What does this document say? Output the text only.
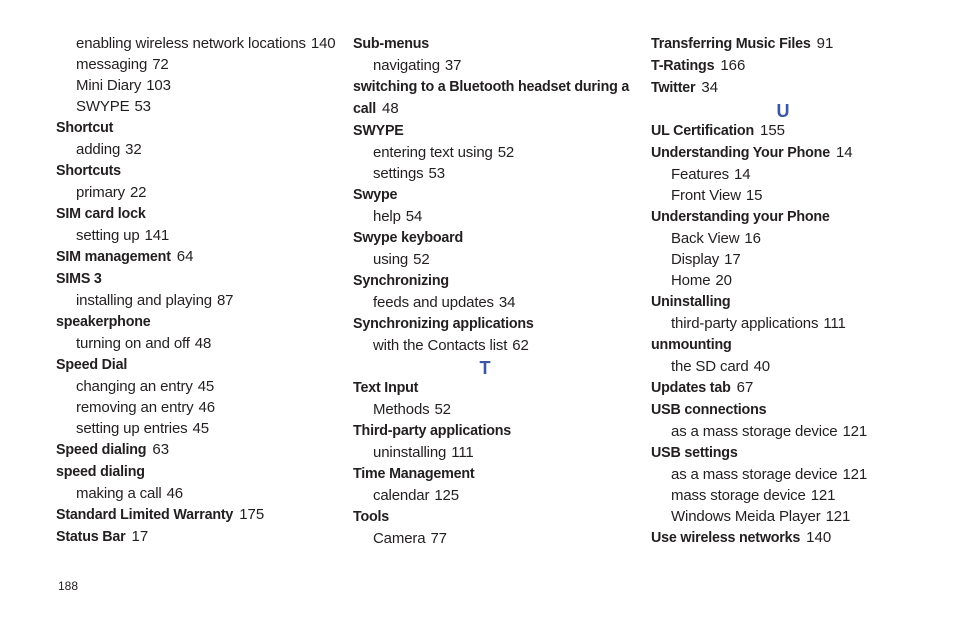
enabling wireless network locations 140
messaging 72
Mini Diary 103
SWYPE 53
Shortcut
adding 32
Shortcuts
primary 22
SIM card lock
setting up 141
SIM management 64
SIMS 3
installing and playing 87
speakerphone
turning on and off 48
Speed Dial
changing an entry 45
removing an entry 46
setting up entries 45
Speed dialing 63
speed dialing
making a call 46
Standard Limited Warranty 175
Status Bar 17
Sub-menus
navigating 37
switching to a Bluetooth headset during a call 48
SWYPE
entering text using 52
settings 53
Swype
help 54
Swype keyboard
using 52
Synchronizing
feeds and updates 34
Synchronizing applications
with the Contacts list 62
T
Text Input
Methods 52
Third-party applications
uninstalling 111
Time Management
calendar 125
Tools
Camera 77
Transferring Music Files 91
T-Ratings 166
Twitter 34
U
UL Certification 155
Understanding Your Phone 14
Features 14
Front View 15
Understanding your Phone
Back View 16
Display 17
Home 20
Uninstalling
third-party applications 111
unmounting
the SD card 40
Updates tab 67
USB connections
as a mass storage device 121
USB settings
as a mass storage device 121
mass storage device 121
Windows Meida Player 121
Use wireless networks 140
188
